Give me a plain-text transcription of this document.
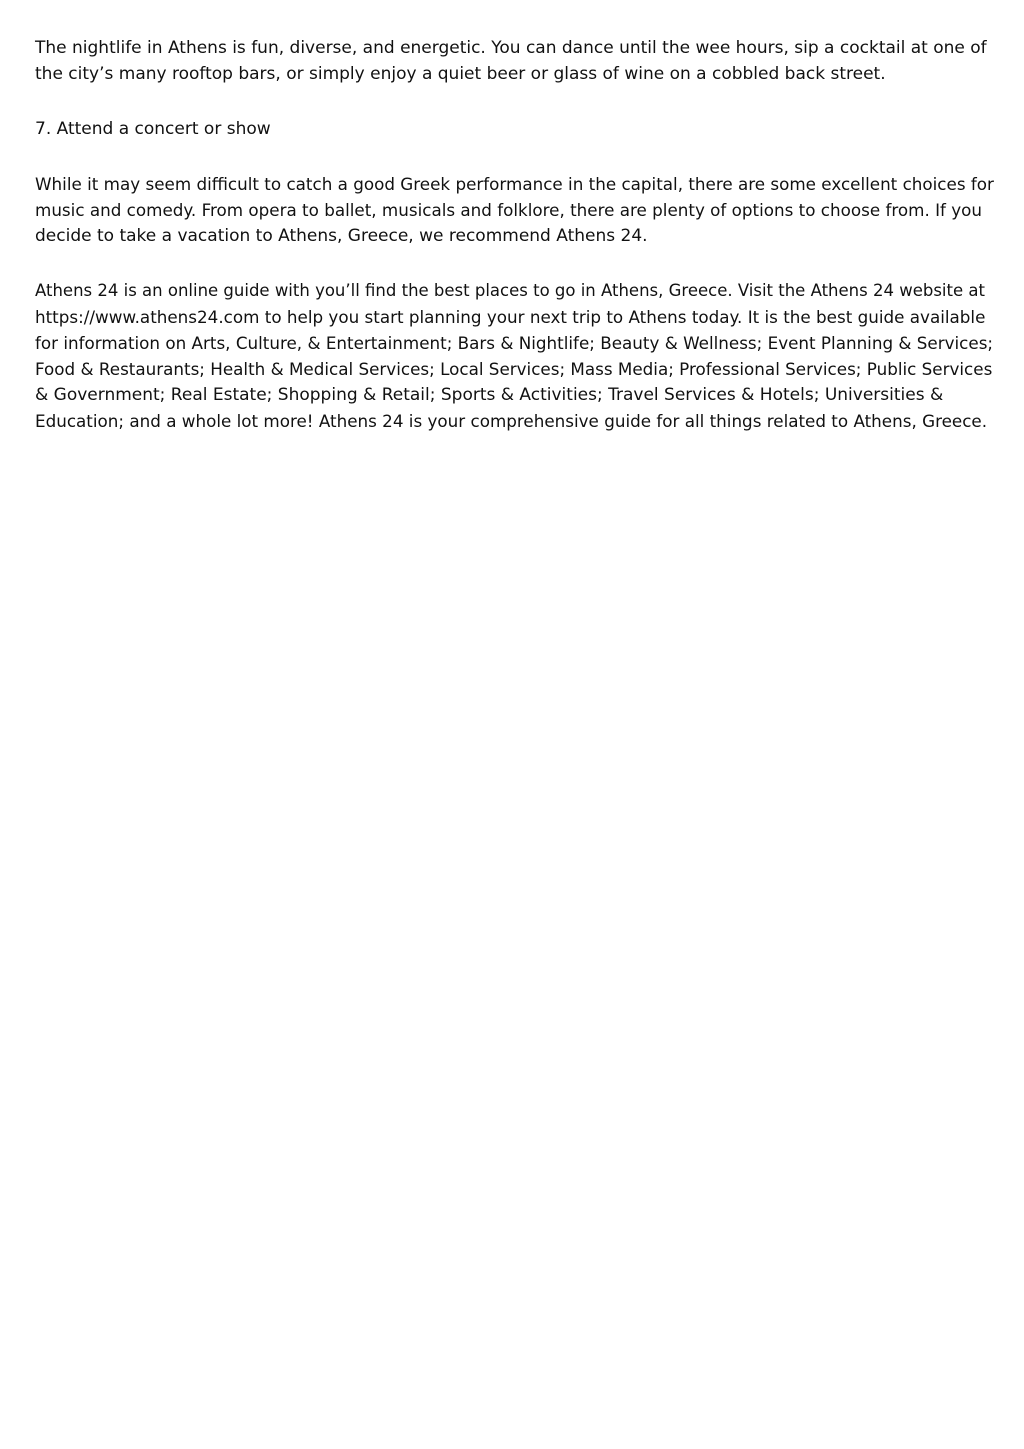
The nightlife in Athens is fun, diverse, and energetic. You can dance until the wee hours, sip a cocktail at one of
the city’s many rooftop bars, or simply enjoy a quiet beer or glass of wine on a cobbled back street.

7. Attend a concert or show

While it may seem difficult to catch a good Greek performance in the capital, there are some excellent choices for
music and comedy. From opera to ballet, musicals and folklore, there are plenty of options to choose from. If you
decide to take a vacation to Athens, Greece, we recommend Athens 24.

Athens 24 is an online guide with you’ll find the best places to go in Athens, Greece. Visit the Athens 24 website at
https://www.athens24.com to help you start planning your next trip to Athens today. It is the best guide available
for information on Arts, Culture, & Entertainment; Bars & Nightlife; Beauty & Wellness; Event Planning & Services;
Food & Restaurants; Health & Medical Services; Local Services; Mass Media; Professional Services; Public Services
& Government; Real Estate; Shopping & Retail; Sports & Activities; Travel Services & Hotels; Universities &
Education; and a whole lot more! Athens 24 is your comprehensive guide for all things related to Athens, Greece.
